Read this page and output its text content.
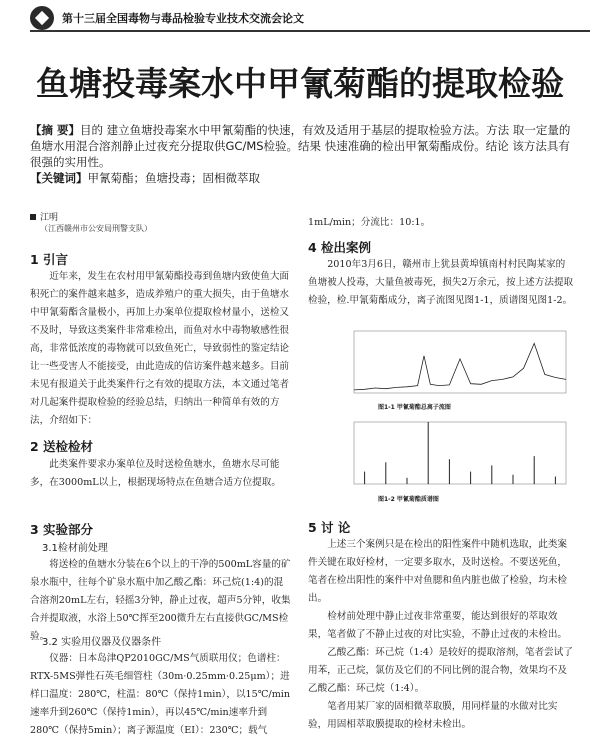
第十三届全国毒物与毒品检验专业技术交流会论文
鱼塘投毒案水中甲氰菊酯的提取检验

【摘 要】目的 建立鱼塘投毒案水中甲氰菊酯的快速，有效及适用于基层的提取检验方法。方法 取一定量的鱼塘水用混合溶剂静止过夜充分提取供GC/MS检验。结果 快速准确的检出甲氰菊酯成份。结论 该方法具有很强的实用性。

【关键词】甲氰菊酯；鱼塘投毒；固相微萃取

江明
（江西赣州市公安局刑警支队）
1 引言

近年来，发生在农村用甲氰菊酯投毒到鱼塘内致使鱼大面积死亡的案件越来越多，造成养殖户的重大损失，由于鱼塘水中甲氰菊酯含量极小，再加上办案单位提取检材量小，送检又不及时，导致这类案件非常难检出，而鱼对水中毒物敏感性很高，非常低浓度的毒物就可以致鱼死亡，导致弱性的鉴定结论让一些受害人不能接受，由此造成的信访案件越来越多。目前未见有报道关于此类案件行之有效的提取方法，本文通过笔者对几起案件提取检验的经验总结，归纳出一种简单有效的方法，介绍如下：

2 送检检材

此类案件要求办案单位及时送检鱼塘水，鱼塘水尽可能多，在3000mL以上，根据现场特点在鱼塘合适方位提取。

3 实验部分
3.1检材前处理

将送检的鱼塘水分装在6个以上的干净的500mL容量的矿泉水瓶中，往每个矿泉水瓶中加乙酸乙酯：环己烷(1:4)的混合溶剂20mL左右，轻摇3分钟，静止过夜，超声5分钟，收集合并提取液，水浴上50℃挥至200微升左右直接供GC/MS检验。

3.2 实验用仪器及仪器条件

仪器：日本岛津QP2010GC/MS气质联用仪；色谱柱：RTX-5MS弹性石英毛细管柱（30m·0.25mm·0.25μm）；进样口温度：280℃，柱温：80℃（保持1min），以15℃/min速率升到260℃（保持1min），再以45℃/min速率升到280℃（保持5min）；离子源温度（EI）：230℃；载气

1mL/min；分流比：10:1。

4 检出案例

2010年3月6日，赣州市上犹县黄埠镇南村村民陶某家的鱼塘被人投毒，大量鱼被毒死，损失2万余元，按上述方法提取检验，检.甲氰菊酯成分，离子流图见图1-1，质谱图见图1-2。

图1-1 甲氰菊酯总离子流图
图1-2 甲氰菊酯质谱图
5 讨 论

上述三个案例只是在检出的阳性案件中随机选取，此类案件关键在取好检材，一定要多取水，及时送检。不要送死鱼，笔者在检出阳性的案件中对鱼腮和鱼内脏也做了检验，均未检出。

检材前处理中静止过夜非常重要，能达到很好的萃取效果，笔者做了不静止过夜的对比实验，不静止过夜的未检出。

乙酸乙酯：环己烷（1:4）是较好的提取溶剂，笔者尝试了用苯，正己烷，氯仿及它们的不同比例的混合物，效果均不及乙酸乙酯：环己烷（1:4）。

笔者用某厂家的固相微萃取膜，用同样量的水做对比实验，用固相萃取膜提取的检材未检出。
